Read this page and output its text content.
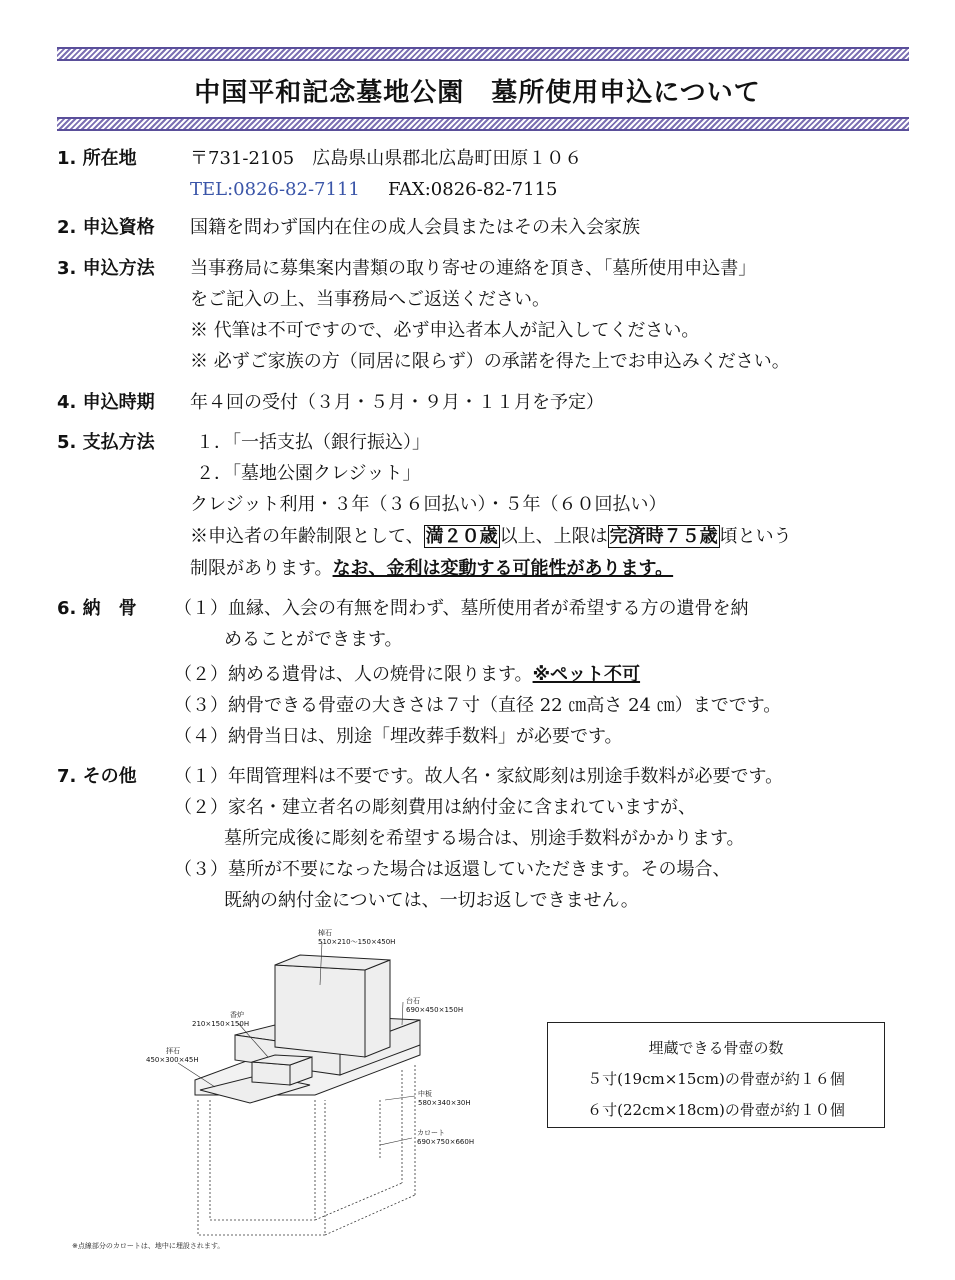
中国平和記念墓地公園　墓所使用申込について
1. 所在地	〒731-2105　広島県山県郡北広島町田原１０６
TEL:0826-82-7111 FAX:0826-82-7115
2. 申込資格 国籍を問わず国内在住の成人会員またはその未入会家族
3. 申込方法 当事務局に募集案内書類の取り寄せの連絡を頂き、「墓所使用申込書」
をご記入の上、当事務局へご返送ください。
※ 代筆は不可ですので、必ず申込者本人が記入してください。
※ 必ずご家族の方（同居に限らず）の承諾を得た上でお申込みください。
4. 申込時期 年４回の受付（３月・５月・９月・１１月を予定）
5. 支払方法 １．「一括支払（銀行振込）」
２．「墓地公園クレジット」
クレジット利用・３年（３６回払い）・５年（６０回払い）
※申込者の年齢制限として、 満２０歳 以上、上限は 完済時７５歳 頃という
制限があります。なお、金利は変動する可能性があります。
6. 納　骨 （１）血縁、入会の有無を問わず、墓所使用者が希望する方の遺骨を納
めることができます。
（２）納める遺骨は、人の焼骨に限ります。※ペット不可
（３）納骨できる骨壺の大きさは７寸（直径 22 ㎝高さ 24 ㎝）までです。
（４）納骨当日は、別途「埋改葬手数料」が必要です。
7. その他 （１）年間管理料は不要です。故人名・家紋彫刻は別途手数料が必要です。
（２）家名・建立者名の彫刻費用は納付金に含まれていますが、
墓所完成後に彫刻を希望する場合は、別途手数料がかかります。
（３）墓所が不要になった場合は返還していただきます。その場合、
既納の納付金については、一切お返しできません。
棹石
510×210～150×450H
台石
690×450×150H
香炉
210×150×150H
拝石
450×300×45H
中板
580×340×30H
カロート
690×750×660H
※点線部分のカロートは、地中に埋設されます。
埋蔵できる骨壺の数
５寸(19cm×15cm)の骨壺が約１６個
６寸(22cm×18cm)の骨壺が約１０個
